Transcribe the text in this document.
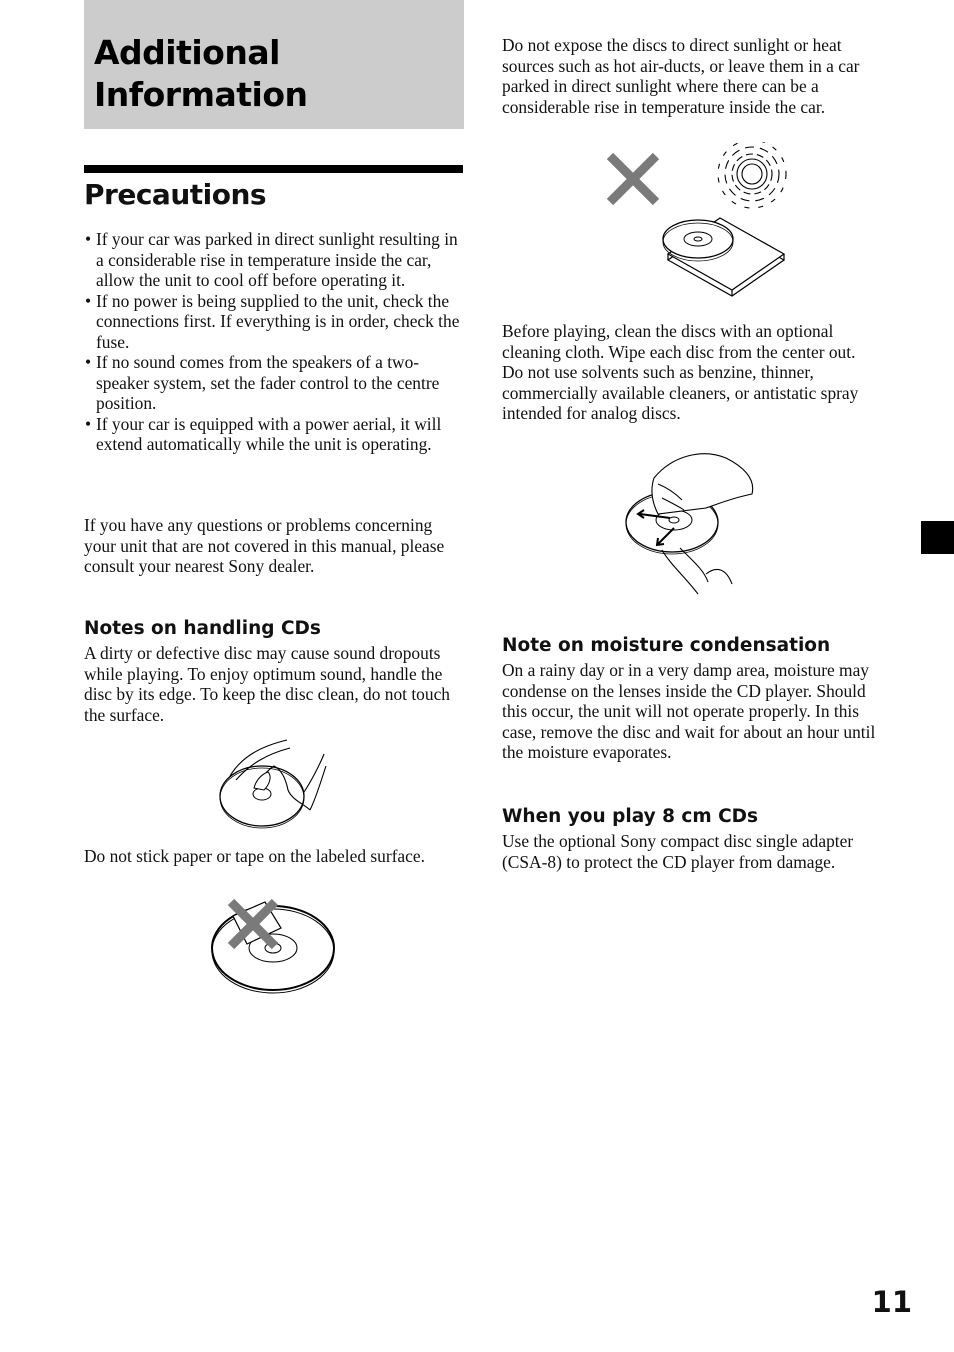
Additional
Information
Precautions
• If your car was parked in direct sunlight resulting in a considerable rise in temperature inside the car, allow the unit to cool off before operating it.
• If no power is being supplied to the unit, check the connections first. If everything is in order, check the fuse.
• If no sound comes from the speakers of a two-speaker system, set the fader control to the centre position.
• If your car is equipped with a power aerial, it will extend automatically while the unit is operating.

If you have any questions or problems concerning your unit that are not covered in this manual, please consult your nearest Sony dealer.

Notes on handling CDs

A dirty or defective disc may cause sound dropouts while playing. To enjoy optimum sound, handle the disc by its edge. To keep the disc clean, do not touch the surface.

Do not stick paper or tape on the labeled surface.

Do not expose the discs to direct sunlight or heat sources such as hot air-ducts, or leave them in a car parked in direct sunlight where there can be a considerable rise in temperature inside the car.

Before playing, clean the discs with an optional cleaning cloth. Wipe each disc from the center out.

Do not use solvents such as benzine, thinner, commercially available cleaners, or antistatic spray intended for analog discs.

Note on moisture condensation

On a rainy day or in a very damp area, moisture may condense on the lenses inside the CD player. Should this occur, the unit will not operate properly. In this case, remove the disc and wait for about an hour until the moisture evaporates.

When you play 8 cm CDs

Use the optional Sony compact disc single adapter (CSA-8) to protect the CD player from damage.

11
